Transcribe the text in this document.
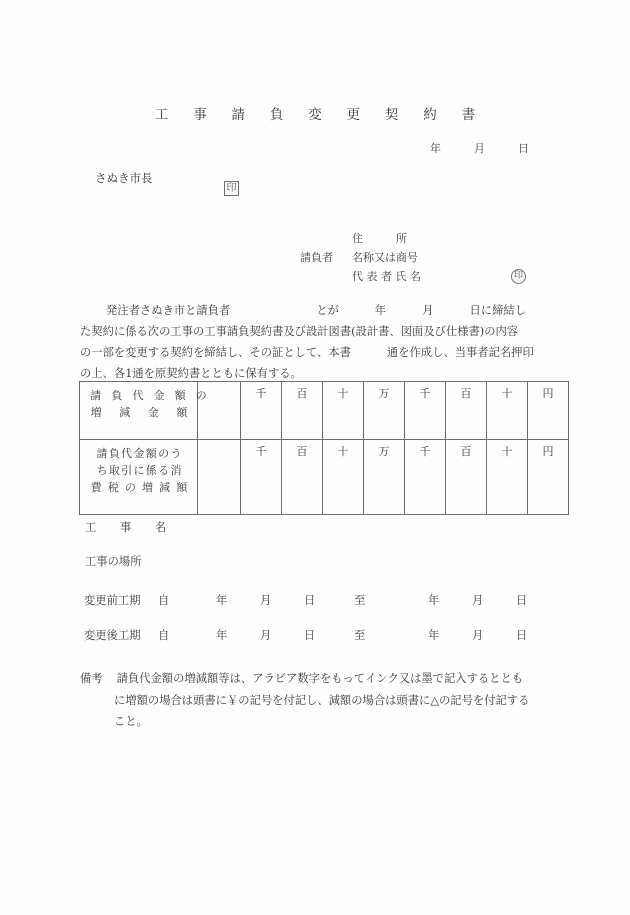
工　事　請　負　変　更　契　約　書
年	月	日
さぬき市長
印
住　　　所
請負者 名称又は商号
代 表 者 氏 名	印
発注者さぬき市と請負者	とが	年	月	日に締結し
た契約に係る次の工事の工事請負契約書及び設計図書(設計書、図面及び仕様書)の内容
の一部を変更する契約を締結し、その証として、本書	通を作成し、当事者記名押印
の上、各1通を原契約書とともに保有する。
請 負 代 金 額 の
増　減　金　額		千	百	十	万	千	百	十	円

請負代金額のう
ち取引に係る消
費 税 の 増 減 額		千	百	十	万	千	百	十	円
工　事　名
工事の場所
変更前工期 自	年	月	日	至	年	月	日
変更後工期 自	年	月	日	至	年	月	日
備考 請負代金額の増減額等は、アラビア数字をもってインク又は墨で記入するととも
に増額の場合は頭書に￥の記号を付記し、減額の場合は頭書に△の記号を付記する
こと。
